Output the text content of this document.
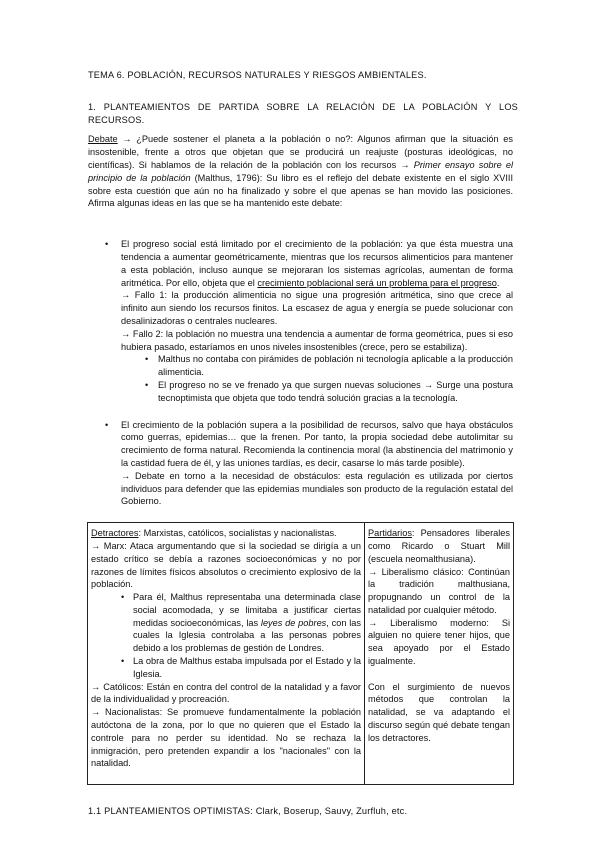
TEMA 6. POBLACIÓN, RECURSOS NATURALES Y RIESGOS AMBIENTALES.
1. PLANTEAMIENTOS DE PARTIDA SOBRE LA RELACIÓN DE LA POBLACIÓN Y LOS RECURSOS.
Debate → ¿Puede sostener el planeta a la población o no?: Algunos afirman que la situación es insostenible, frente a otros que objetan que se producirá un reajuste (posturas ideológicas, no científicas). Si hablamos de la relación de la población con los recursos → Primer ensayo sobre el principio de la población (Malthus, 1796): Su libro es el reflejo del debate existente en el siglo XVIII sobre esta cuestión que aún no ha finalizado y sobre el que apenas se han movido las posiciones. Afirma algunas ideas en las que se ha mantenido este debate:

• El progreso social está limitado por el crecimiento de la población: ya que ésta muestra una tendencia a aumentar geométricamente, mientras que los recursos alimenticios para mantener a esta población, incluso aunque se mejoraran los sistemas agrícolas, aumentan de forma aritmética. Por ello, objeta que el crecimiento poblacional será un problema para el progreso.

→ Fallo 1: la producción alimenticia no sigue una progresión aritmética, sino que crece al infinito aun siendo los recursos finitos. La escasez de agua y energía se puede solucionar con desalinizadoras o centrales nucleares.

→ Fallo 2: la población no muestra una tendencia a aumentar de forma geométrica, pues si eso hubiera pasado, estaríamos en unos niveles insostenibles (crece, pero se estabiliza).

• Malthus no contaba con pirámides de población ni tecnología aplicable a la producción alimenticia.
• El progreso no se ve frenado ya que surgen nuevas soluciones → Surge una postura tecnoptimista que objeta que todo tendrá solución gracias a la tecnología.

• El crecimiento de la población supera a la posibilidad de recursos, salvo que haya obstáculos como guerras, epidemias… que la frenen. Por tanto, la propia sociedad debe autolimitar su crecimiento de forma natural. Recomienda la continencia moral (la abstinencia del matrimonio y la castidad fuera de él, y las uniones tardías, es decir, casarse lo más tarde posible).

→ Debate en torno a la necesidad de obstáculos: esta regulación es utilizada por ciertos individuos para defender que las epidemias mundiales son producto de la regulación estatal del Gobierno.

Detractores: Marxistas, católicos, socialistas y nacionalistas.

→ Marx: Ataca argumentando que si la sociedad se dirigía a un estado crítico se debía a razones socioeconómicas y no por razones de límites físicos absolutos o crecimiento explosivo de la población.

• Para él, Malthus representaba una determinada clase social acomodada, y se limitaba a justificar ciertas medidas socioeconómicas, las leyes de pobres, con las cuales la Iglesia controlaba a las personas pobres debido a los problemas de gestión de Londres.
• La obra de Malthus estaba impulsada por el Estado y la Iglesia.

→ Católicos: Están en contra del control de la natalidad y a favor de la individualidad y procreación.

→ Nacionalistas: Se promueve fundamentalmente la población autóctona de la zona, por lo que no quieren que el Estado la controle para no perder su identidad. No se rechaza la inmigración, pero pretenden expandir a los "nacionales" con la natalidad.

Partidarios: Pensadores liberales como Ricardo o Stuart Mill (escuela neomalthusiana).

→ Liberalismo clásico: Continúan la tradición malthusiana, propugnando un control de la natalidad por cualquier método.

→ Liberalismo moderno: Si alguien no quiere tener hijos, que sea apoyado por el Estado igualmente.

Con el surgimiento de nuevos métodos que controlan la natalidad, se va adaptando el discurso según qué debate tengan los detractores.

1.1 PLANTEAMIENTOS OPTIMISTAS: Clark, Boserup, Sauvy, Zurfluh, etc.
